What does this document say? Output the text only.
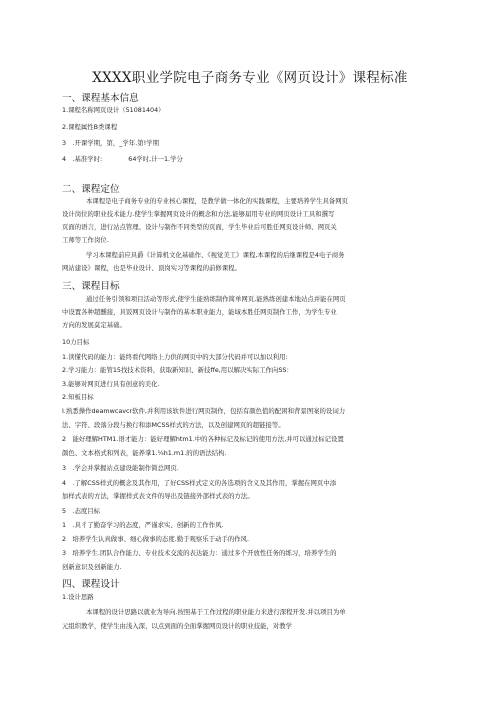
XXXX职业学院电子商务专业《网页设计》课程标准
一、课程基本信息
1.课程名称网页设计（51081404）
2.课程属性B类课程
3　.开课学期，第，_学年.第!学期
4　.基准学时:	64学时,计一1.学分
二、课程定位
本课程是电子商务专业的专业核心课程，是教学做一体化的实践课程，主要培养学生具备网页
设计岗位的职业技术能力.使学生掌握网页设计的概念和方法,能够届用专业的网页设计工具和撰写
页面的语言，进行站点管理、设计与制作不同类型的页面，学生毕业后可胜任网页设计师、网页关
工师等工作岗位.
学习本课程前应具爵《计算机文化基础作、《视觉美工》课程,本课程的后继课程是4电子商务
网站建设》课程，也是毕业设计、顶岗实习等课程的前修课程。
三、课程目标
通过任务引领和项目活动等形式,使学生能熟练制作简单网页,能熟练创建本地站点并能在网页
中设置各种超醺接，具饭网页设计与制作的基本职业能力，能域本胜任网页制作工作，为学生专业
方向的发展莫定基础。
10力目标
1.读懂代码的能力：能终看代网络上力供的网页中的大部分代码并可以加以利用:
2.学习能力：能管15找技术资料，获取新知识、新技ffe,用以解决实际工作向SS：
3.能够对网页进行具有创意的美化.
2.知板目标
I.熟悉操作deamwcavcr软件,并利用该软件进行网页制作，包括有颜色值的配困和背景图案的设词力
法、字符、段落分段与换行和添MCSS样式的方法，以及创建网页的超链接等。
2　能好理解HTM1.语才能力：能好理解htm1.中的各种标记及标记的使用方法,并可以通过标记设置
颜色、文本格式和列表，能养掌1.¼h1.m1.的的语法结构.
3　.学会并掌握站点建设能制作简总网页.
4　.了解CSS样式的概念及其作用，了好CSS样式定义的各选项的含义及其作用，掌握在网页中添
加样式表的方法，掌握样式表文件的导出及链接外部样式表的方法。
5　.态度目标
1　.具彳了勤奋学习的态度，严谨求实、创新的工作作风.
2　培养学生认真做事、细心做事的态度.勤于观察乐于动手的作风.
3　培养学生.团队合作能力、专业技术交流的表达能力：通过多个开放性任务的练习，培养学生的
创新意识及创新能力.
四、课程设计
1.设计思路
本课程的设计思路以就业为导向.按照基于工作过程的职业能力来进行深程开发.并以项目为单
元组织教学，使学生由浅入深，以点到面的全面掌握网页设计的职业技能，对教学
